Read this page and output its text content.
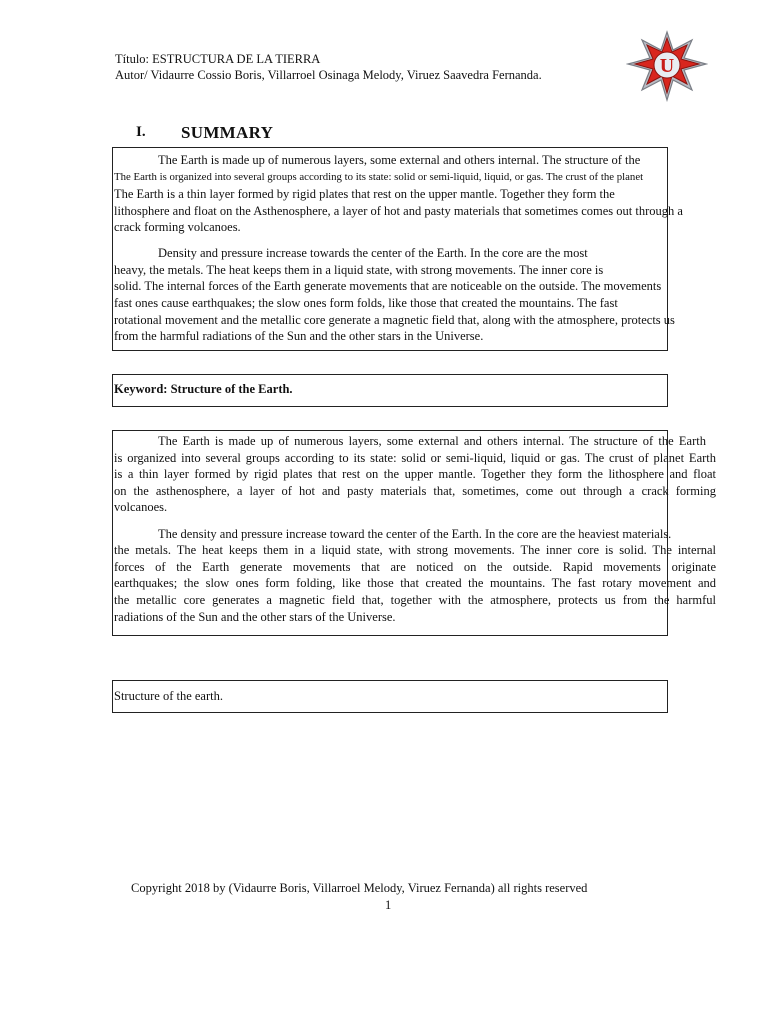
Título: ESTRUCTURA DE LA TIERRA
Autor/ Vidaurre Cossio Boris, Villarroel Osinaga Melody, Viruez Saavedra Fernanda.	U
I. SUMMARY
The Earth is made up of numerous layers, some external and others internal. The structure of the
The Earth is organized into several groups according to its state: solid or semi-liquid, liquid, or gas. The crust of the planet
The Earth is a thin layer formed by rigid plates that rest on the upper mantle. Together they form the
lithosphere and float on the Asthenosphere, a layer of hot and pasty materials that sometimes comes out through a
crack forming volcanoes.
Density and pressure increase towards the center of the Earth. In the core are the most
heavy, the metals. The heat keeps them in a liquid state, with strong movements. The inner core is
solid. The internal forces of the Earth generate movements that are noticeable on the outside. The movements
fast ones cause earthquakes; the slow ones form folds, like those that created the mountains. The fast
rotational movement and the metallic core generate a magnetic field that, along with the atmosphere, protects us
from the harmful radiations of the Sun and the other stars in the Universe.
Keyword: Structure of the Earth.
The Earth is made up of numerous layers, some external and others internal. The structure of the Earth
is organized into several groups according to its state: solid or semi-liquid, liquid or gas. The crust of planet Earth
is a thin layer formed by rigid plates that rest on the upper mantle. Together they form the lithosphere and float
on the asthenosphere, a layer of hot and pasty materials that, sometimes, come out through a crack forming
volcanoes.
The density and pressure increase toward the center of the Earth. In the core are the heaviest materials.
the metals. The heat keeps them in a liquid state, with strong movements. The inner core is solid. The internal
forces of the Earth generate movements that are noticed on the outside. Rapid movements originate
earthquakes; the slow ones form folding, like those that created the mountains. The fast rotary movement and
the metallic core generates a magnetic field that, together with the atmosphere, protects us from the harmful
radiations of the Sun and the other stars of the Universe.
Structure of the earth.
Copyright 2018 by (Vidaurre Boris, Villarroel Melody, Viruez Fernanda) all rights reserved
1
